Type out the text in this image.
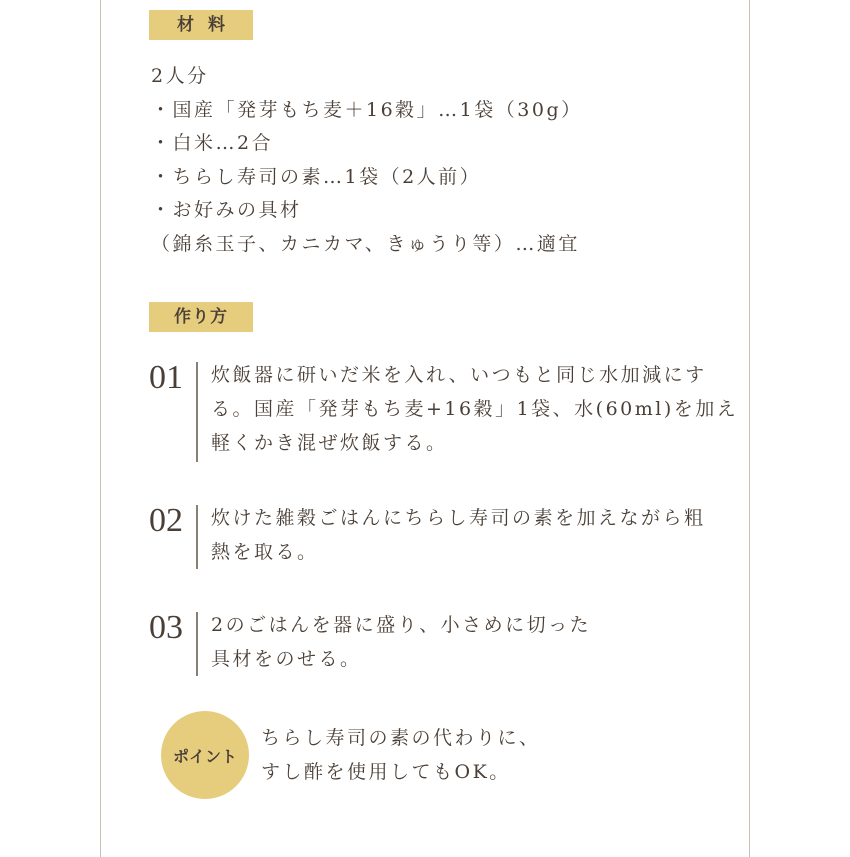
材料
2人分
・国産「発芽もち麦＋16穀」…1袋（30g）
・白米…2合
・ちらし寿司の素…1袋（2人前）
・お好みの具材
（錦糸玉子、カニカマ、きゅうり等）…適宜
作り方
01	炊飯器に研いだ米を入れ、いつもと同じ水加減にす
る。国産「発芽もち麦+16穀」1袋、水(60ml)を加え
軽くかき混ぜ炊飯する。
02	炊けた雑穀ごはんにちらし寿司の素を加えながら粗
熱を取る。
03	2のごはんを器に盛り、小さめに切った
具材をのせる。
ポイント
ちらし寿司の素の代わりに、
すし酢を使用してもOK。
